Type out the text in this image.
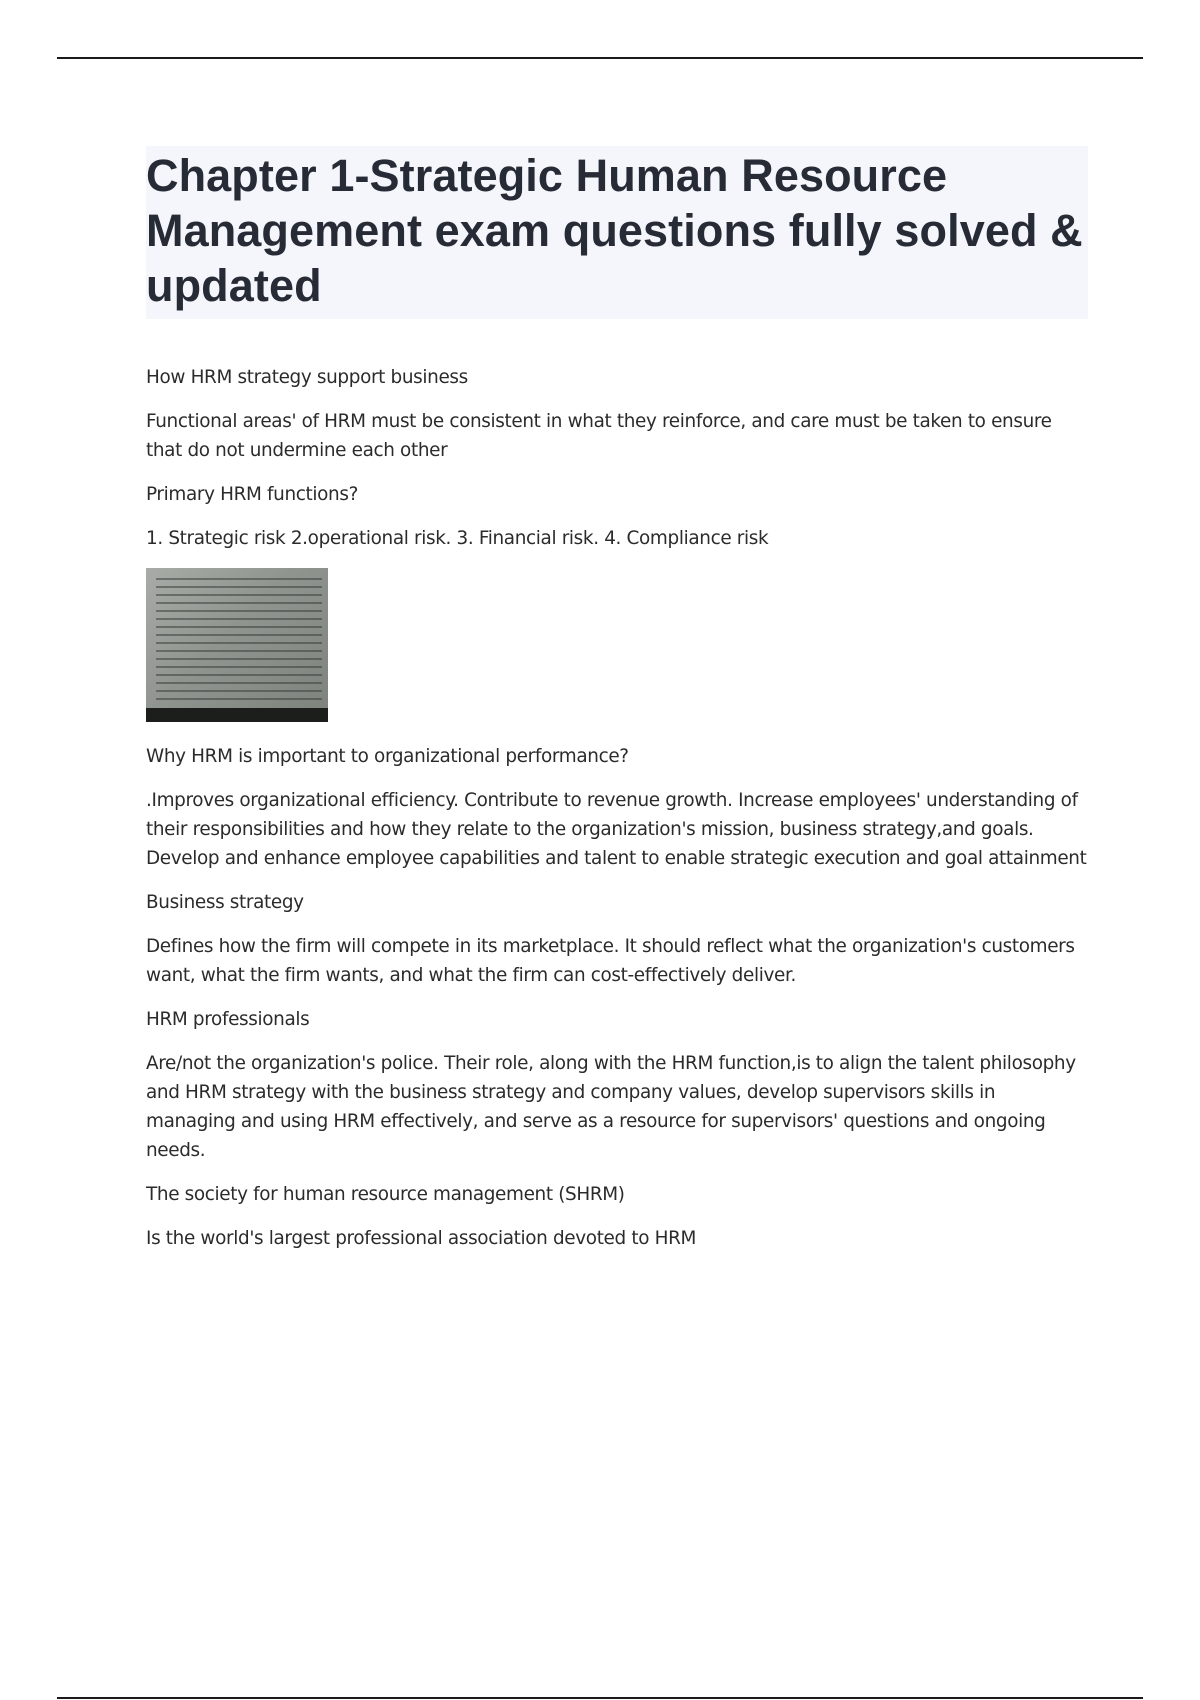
Chapter 1-Strategic Human Resource Management exam questions fully solved & updated

How HRM strategy support business

Functional areas' of HRM must be consistent in what they reinforce, and care must be taken to ensure that do not undermine each other

Primary HRM functions?

1. Strategic risk 2.operational risk. 3. Financial risk. 4. Compliance risk

Why HRM is important to organizational performance?

.Improves organizational efficiency. Contribute to revenue growth. Increase employees' understanding of their responsibilities and how they relate to the organization's mission, business strategy,and goals. Develop and enhance employee capabilities and talent to enable strategic execution and goal attainment

Business strategy

Defines how the firm will compete in its marketplace. It should reflect what the organization's customers want, what the firm wants, and what the firm can cost-effectively deliver.

HRM professionals

Are/not the organization's police. Their role, along with the HRM function,is to align the talent philosophy and HRM strategy with the business strategy and company values, develop supervisors skills in managing and using HRM effectively, and serve as a resource for supervisors' questions and ongoing needs.

The society for human resource management (SHRM)

Is the world's largest professional association devoted to HRM
